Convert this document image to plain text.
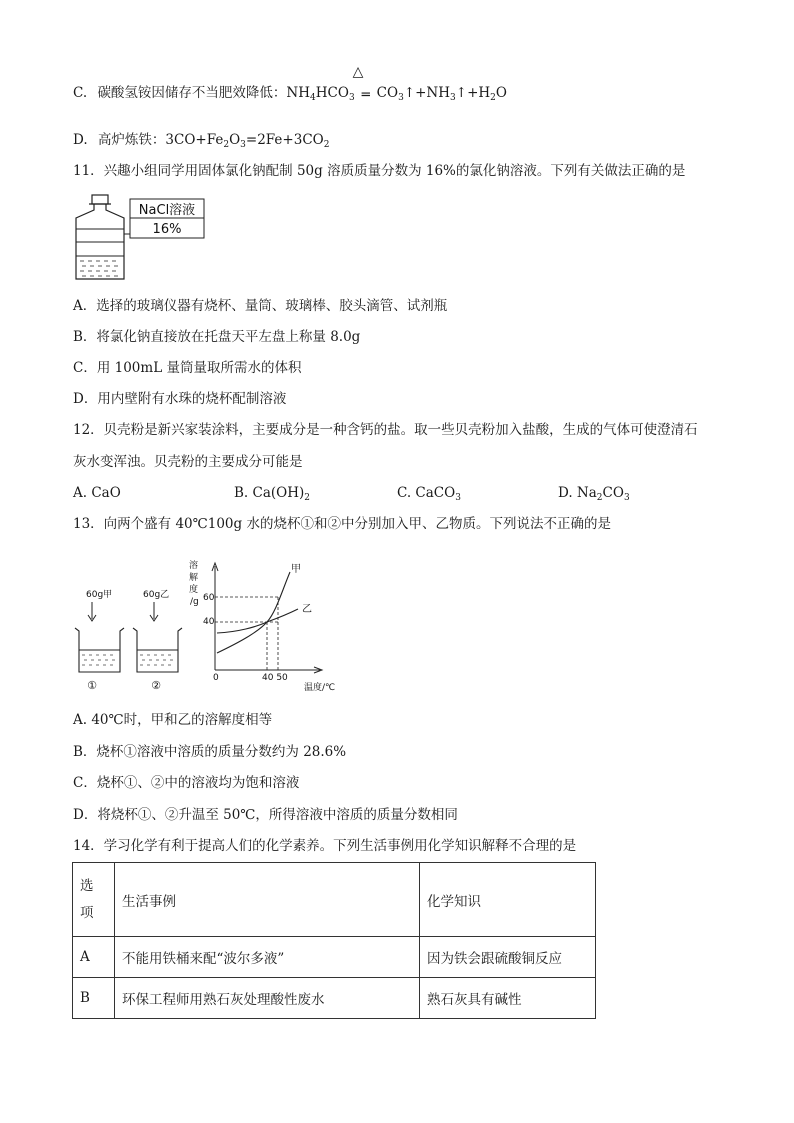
C. 碳酸氢铵因储存不当肥效降低：$NH_4HCO_3$ ═ $CO_3↑+NH_3↑+H_2O$
△
D. 高炉炼铁：$3CO+Fe_2O_3=2Fe+3CO_2$
11．兴趣小组同学用固体氯化钠配制 50g 溶质质量分数为 16%的氯化钠溶液。下列有关做法正确的是
NaCl溶液
16%
A．选择的玻璃仪器有烧杯、量筒、玻璃棒、胶头滴管、试剂瓶
B．将氯化钠直接放在托盘天平左盘上称量 8.0g
C．用 100mL 量筒量取所需水的体积
D．用内壁附有水珠的烧杯配制溶液
12．贝壳粉是新兴家装涂料，主要成分是一种含钙的盐。取一些贝壳粉加入盐酸，生成的气体可使澄清石
灰水变浑浊。贝壳粉的主要成分可能是
A. CaO	B. $Ca(OH)_2$	C. CaCO$_3$	D. $Na_2CO_3$
13．向两个盛有 40℃100g 水的烧杯①和②中分别加入甲、乙物质。下列说法不正确的是
60g甲
①
60g乙
②
溶
解
度
/g
0
60
40
40 50
温度/℃
甲
乙
A. 40℃时，甲和乙的溶解度相等
B．烧杯①溶液中溶质的质量分数约为 28.6%
C．烧杯①、②中的溶液均为饱和溶液
D．将烧杯①、②升温至 50℃，所得溶液中溶质的质量分数相同
14．学习化学有利于提高人们的化学素养。下列生活事例用化学知识解释不合理的是
选
项	生活事例	化学知识
A	不能用铁桶来配“波尔多液”	因为铁会跟硫酸铜反应
B	环保工程师用熟石灰处理酸性废水	熟石灰具有碱性
